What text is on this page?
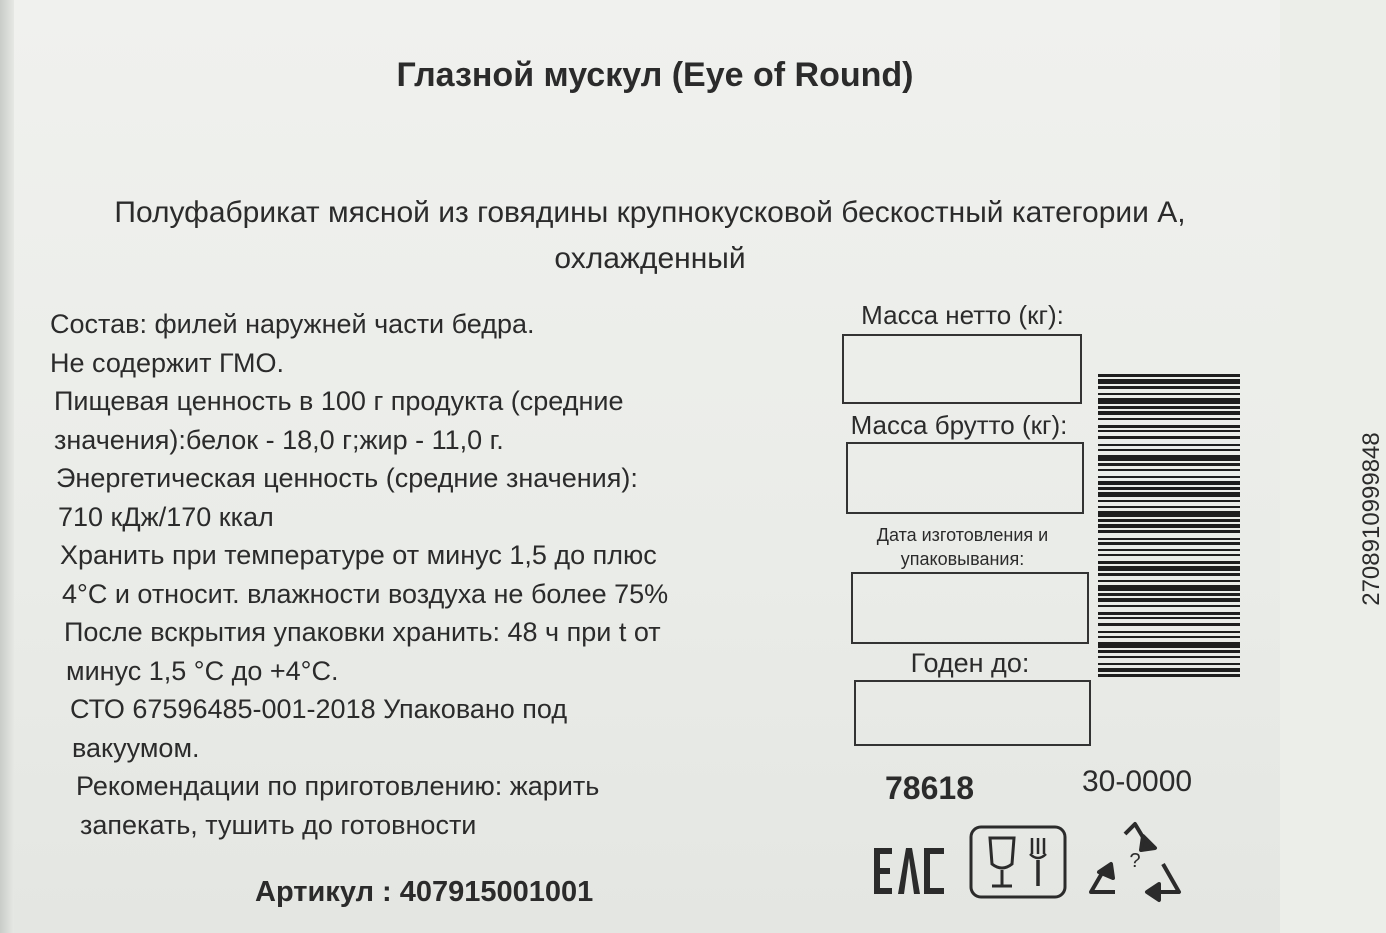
Глазной мускул (Eye of Round)
Полуфабрикат мясной из говядины крупнокусковой бескостный категории А,
охлажденный
Состав: филей наружней части бедра.
Не содержит ГМО.
Пищевая ценность в 100 г продукта (средние
значения):белок - 18,0 г;жир - 11,0 г.
Энергетическая ценность (средние значения):
710 кДж/170 ккал
Хранить при температуре от минус 1,5 до плюс
4°С и относит. влажности воздуха не более 75%
После вскрытия упаковки хранить: 48 ч при t от
минус 1,5 °С до +4°С.
СТО 67596485-001-2018 Упаковано под
вакуумом.
Рекомендации по приготовлению: жарить
запекать, тушить до готовности
Масса нетто (кг):
Масса брутто (кг):
Дата изготовления и
упаковывания:
Годен до:
2708910999848
78618	30-0000
?
Артикул : 407915001001
